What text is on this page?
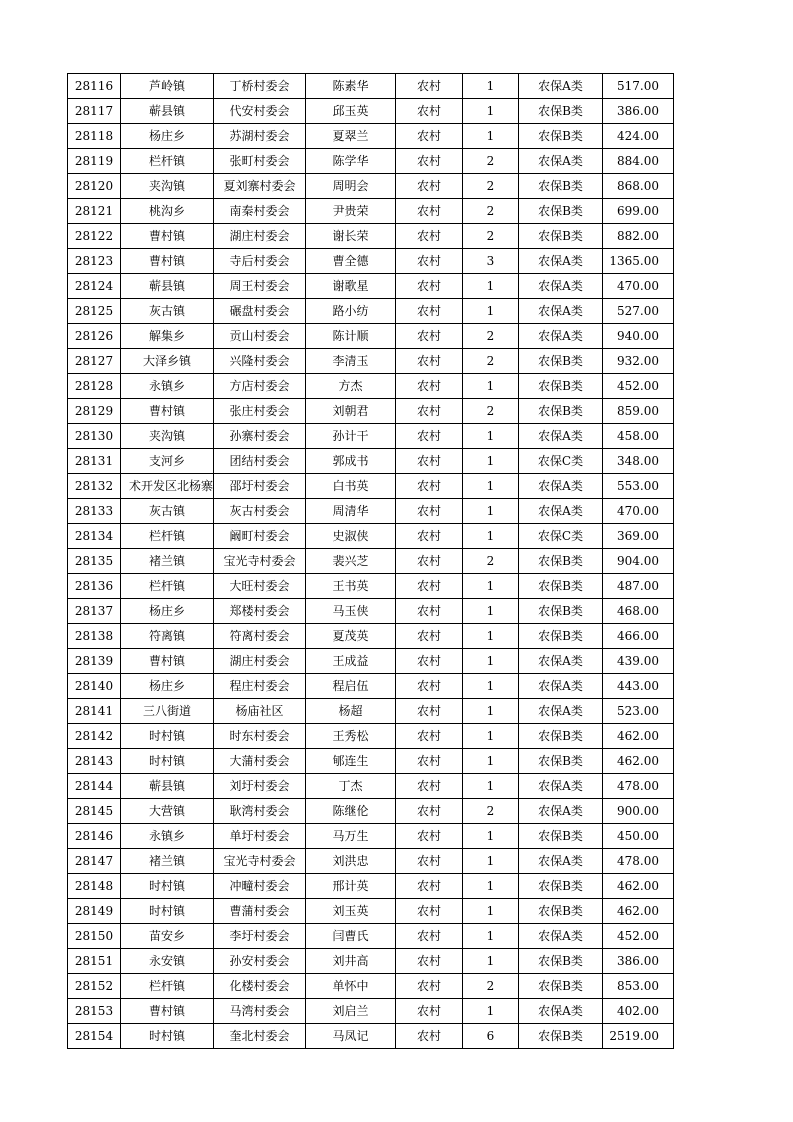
28116	芦岭镇	丁桥村委会	陈素华	农村	1	农保A类	517.00
28117	蕲县镇	代安村委会	邱玉英	农村	1	农保B类	386.00
28118	杨庄乡	苏湖村委会	夏翠兰	农村	1	农保B类	424.00
28119	栏杆镇	张町村委会	陈学华	农村	2	农保A类	884.00
28120	夹沟镇	夏刘寨村委会	周明会	农村	2	农保B类	868.00
28121	桃沟乡	南秦村委会	尹贵荣	农村	2	农保B类	699.00
28122	曹村镇	湖庄村委会	谢长荣	农村	2	农保B类	882.00
28123	曹村镇	寺后村委会	曹全德	农村	3	农保A类	1365.00
28124	蕲县镇	周王村委会	谢歌星	农村	1	农保A类	470.00
28125	灰古镇	碾盘村委会	路小纺	农村	1	农保A类	527.00
28126	解集乡	贡山村委会	陈计顺	农村	2	农保A类	940.00
28127	大泽乡镇	兴隆村委会	李清玉	农村	2	农保B类	932.00
28128	永镇乡	方店村委会	方杰	农村	1	农保B类	452.00
28129	曹村镇	张庄村委会	刘朝君	农村	2	农保B类	859.00
28130	夹沟镇	孙寨村委会	孙计干	农村	1	农保A类	458.00
28131	支河乡	团结村委会	郭成书	农村	1	农保C类	348.00
28132	术开发区北杨寨	邵圩村委会	白书英	农村	1	农保A类	553.00
28133	灰古镇	灰古村委会	周清华	农村	1	农保A类	470.00
28134	栏杆镇	阚町村委会	史淑侠	农村	1	农保C类	369.00
28135	褚兰镇	宝光寺村委会	裴兴芝	农村	2	农保B类	904.00
28136	栏杆镇	大旺村委会	王书英	农村	1	农保B类	487.00
28137	杨庄乡	郑楼村委会	马玉侠	农村	1	农保B类	468.00
28138	符离镇	符离村委会	夏茂英	农村	1	农保B类	466.00
28139	曹村镇	湖庄村委会	王成益	农村	1	农保A类	439.00
28140	杨庄乡	程庄村委会	程启伍	农村	1	农保A类	443.00
28141	三八街道	杨庙社区	杨超	农村	1	农保A类	523.00
28142	时村镇	时东村委会	王秀松	农村	1	农保B类	462.00
28143	时村镇	大蒲村委会	郇连生	农村	1	农保B类	462.00
28144	蕲县镇	刘圩村委会	丁杰	农村	1	农保A类	478.00
28145	大营镇	耿湾村委会	陈继伦	农村	2	农保A类	900.00
28146	永镇乡	单圩村委会	马万生	农村	1	农保B类	450.00
28147	褚兰镇	宝光寺村委会	刘洪忠	农村	1	农保A类	478.00
28148	时村镇	冲疃村委会	邢计英	农村	1	农保B类	462.00
28149	时村镇	曹蒲村委会	刘玉英	农村	1	农保B类	462.00
28150	苗安乡	李圩村委会	闫曹氏	农村	1	农保A类	452.00
28151	永安镇	孙安村委会	刘井高	农村	1	农保B类	386.00
28152	栏杆镇	化楼村委会	单怀中	农村	2	农保B类	853.00
28153	曹村镇	马湾村委会	刘启兰	农村	1	农保A类	402.00
28154	时村镇	奎北村委会	马凤记	农村	6	农保B类	2519.00
